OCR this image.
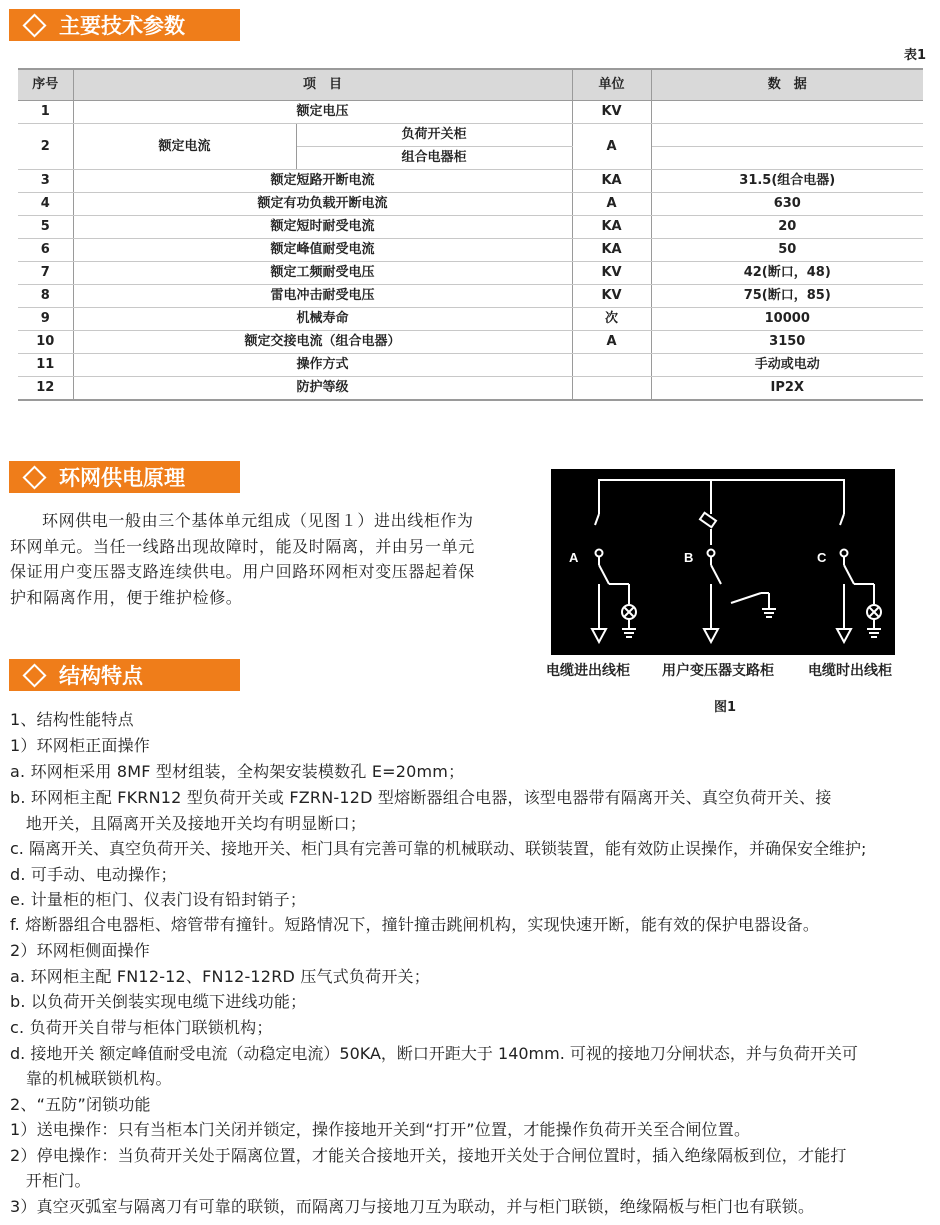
主要技术参数
表1
序号	项　目		单位	数　据
1	额定电压		KV	
2	额定电流	负荷开关柜	A	
		组合电器柜		
3	额定短路开断电流		KA	31.5(组合电器)
4	额定有功负载开断电流		A	630
5	额定短时耐受电流		KA	20
6	额定峰值耐受电流		KA	50
7	额定工频耐受电压		KV	42(断口，48)
8	雷电冲击耐受电压		KV	75(断口，85)
9	机械寿命		次	10000
10	额定交接电流（组合电器）		A	3150
11	操作方式			手动或电动
12	防护等级			IP2X
环网供电原理
环网供电一般由三个基体单元组成（见图１）进出线柜作为环网单元。当任一线路出现故障时，能及时隔离，并由另一单元保证用户变压器支路连续供电。用户回路环网柜对变压器起着保护和隔离作用，便于维护检修。
A	B	C
电缆进出线柜 用户变压器支路柜 电缆时出线柜
图1
结构特点
1、结构性能特点
1）环网柜正面操作
a. 环网柜采用 8MF 型材组装，全构架安装模数孔 E=20mm；
b. 环网柜主配 FKRN12 型负荷开关或 FZRN-12D 型熔断器组合电器，该型电器带有隔离开关、真空负荷开关、接
地开关，且隔离开关及接地开关均有明显断口；
c. 隔离开关、真空负荷开关、接地开关、柜门具有完善可靠的机械联动、联锁装置，能有效防止误操作，并确保安全维护;
d. 可手动、电动操作；
e. 计量柜的柜门、仪表门设有铅封销子；
f. 熔断器组合电器柜、熔管带有撞针。短路情况下，撞针撞击跳闸机构，实现快速开断，能有效的保护电器设备。
2）环网柜侧面操作
a. 环网柜主配 FN12-12、FN12-12RD 压气式负荷开关；
b. 以负荷开关倒装实现电缆下进线功能；
c. 负荷开关自带与柜体门联锁机构；
d. 接地开关 额定峰值耐受电流（动稳定电流）50KA，断口开距大于 140mm. 可视的接地刀分闸状态，并与负荷开关可
靠的机械联锁机构。
2、“五防”闭锁功能
1）送电操作：只有当柜本门关闭并锁定，操作接地开关到“打开”位置，才能操作负荷开关至合闸位置。
2）停电操作：当负荷开关处于隔离位置，才能关合接地开关，接地开关处于合闸位置时，插入绝缘隔板到位，才能打
开柜门。
3）真空灭弧室与隔离刀有可靠的联锁，而隔离刀与接地刀互为联动，并与柜门联锁，绝缘隔板与柜门也有联锁。
